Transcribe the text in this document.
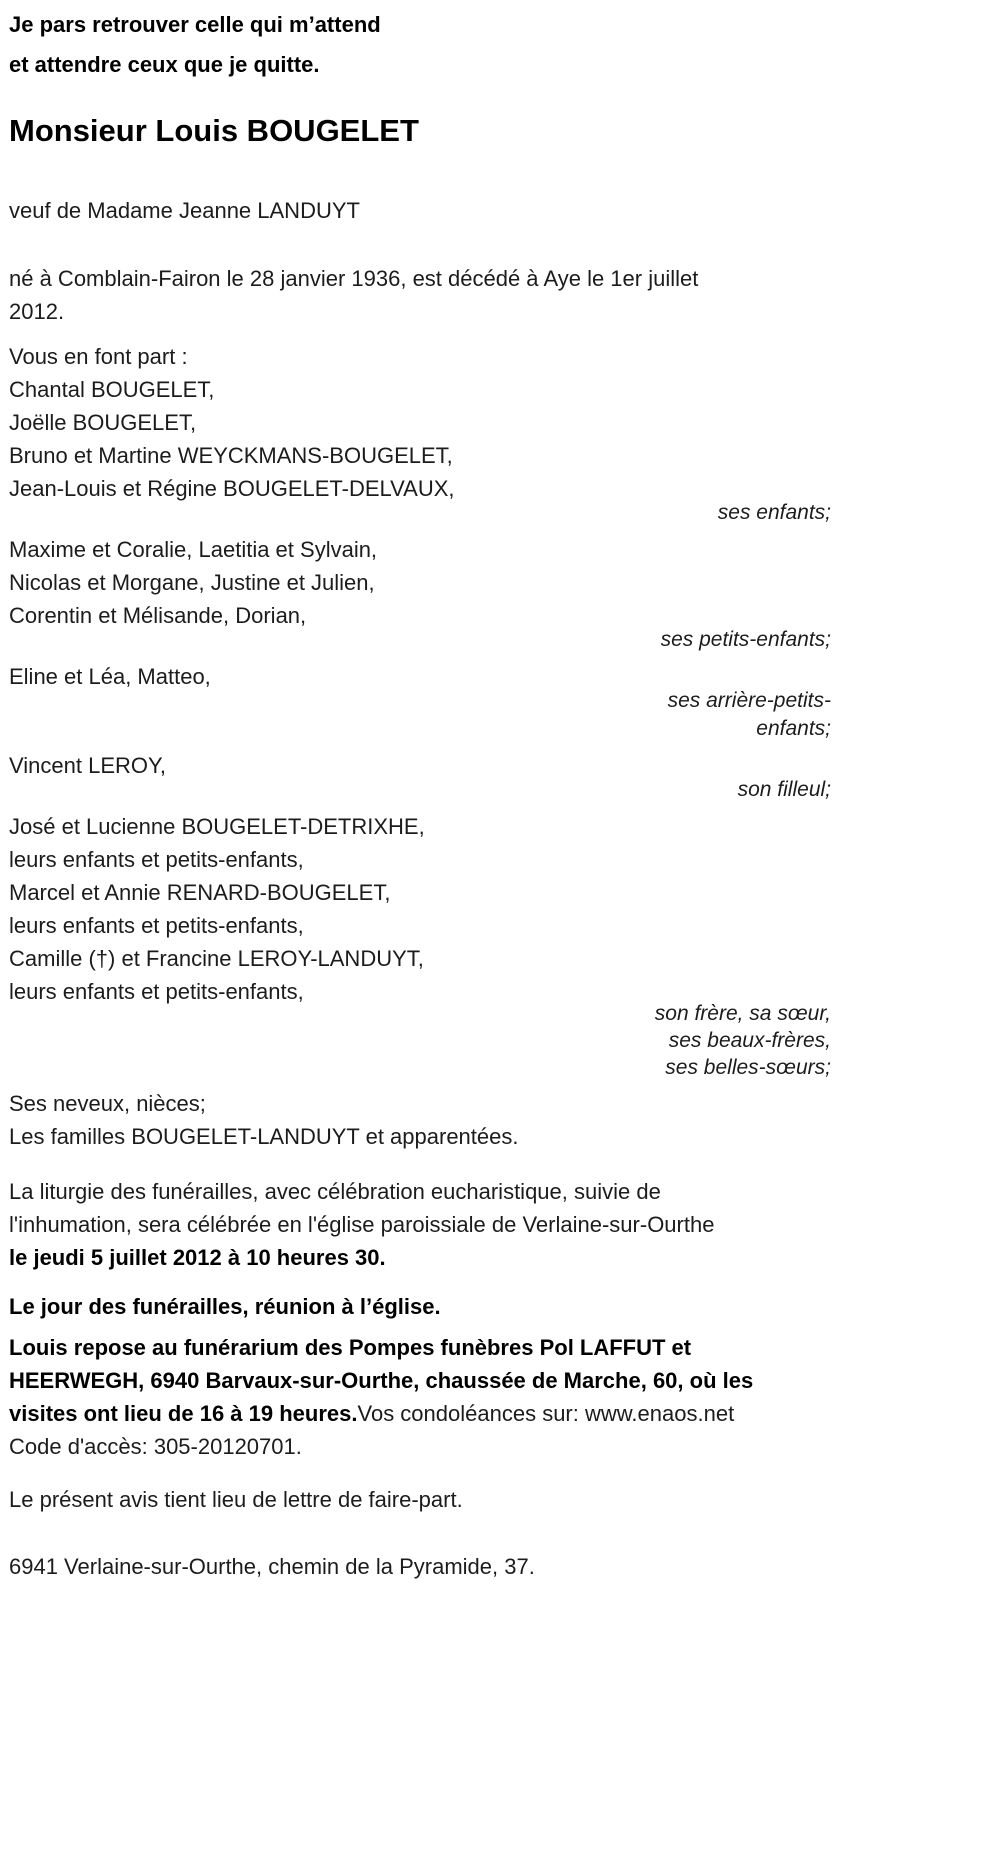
Je pars retrouver celle qui m’attend

et attendre ceux que je quitte.

Monsieur Louis BOUGELET

veuf de Madame Jeanne LANDUYT

né à Comblain-Fairon le 28 janvier 1936, est décédé à Aye le 1er juillet
2012.

Vous en font part :

Chantal BOUGELET,

Joëlle BOUGELET,

Bruno et Martine WEYCKMANS-BOUGELET,

Jean-Louis et Régine BOUGELET-DELVAUX,

ses enfants;

Maxime et Coralie, Laetitia et Sylvain,

Nicolas et Morgane, Justine et Julien,

Corentin et Mélisande, Dorian,

ses petits-enfants;

Eline et Léa, Matteo,

ses arrière-petits-
enfants;

Vincent LEROY,

son filleul;

José et Lucienne BOUGELET-DETRIXHE,

leurs enfants et petits-enfants,

Marcel et Annie RENARD-BOUGELET,

leurs enfants et petits-enfants,

Camille (†) et Francine LEROY-LANDUYT,

leurs enfants et petits-enfants,

son frère, sa sœur,
ses beaux-frères,
ses belles-sœurs;

Ses neveux, nièces;

Les familles BOUGELET-LANDUYT et apparentées.

La liturgie des funérailles, avec célébration eucharistique, suivie de
l'inhumation, sera célébrée en l'église paroissiale de Verlaine-sur-Ourthe
le jeudi 5 juillet 2012 à 10 heures 30.

Le jour des funérailles, réunion à l’église.

Louis repose au funérarium des Pompes funèbres Pol LAFFUT et
HEERWEGH, 6940 Barvaux-sur-Ourthe, chaussée de Marche, 60, où les
visites ont lieu de 16 à 19 heures.Vos condoléances sur: www.enaos.net

Code d'accès: 305-20120701.

Le présent avis tient lieu de lettre de faire-part.

6941 Verlaine-sur-Ourthe, chemin de la Pyramide, 37.
